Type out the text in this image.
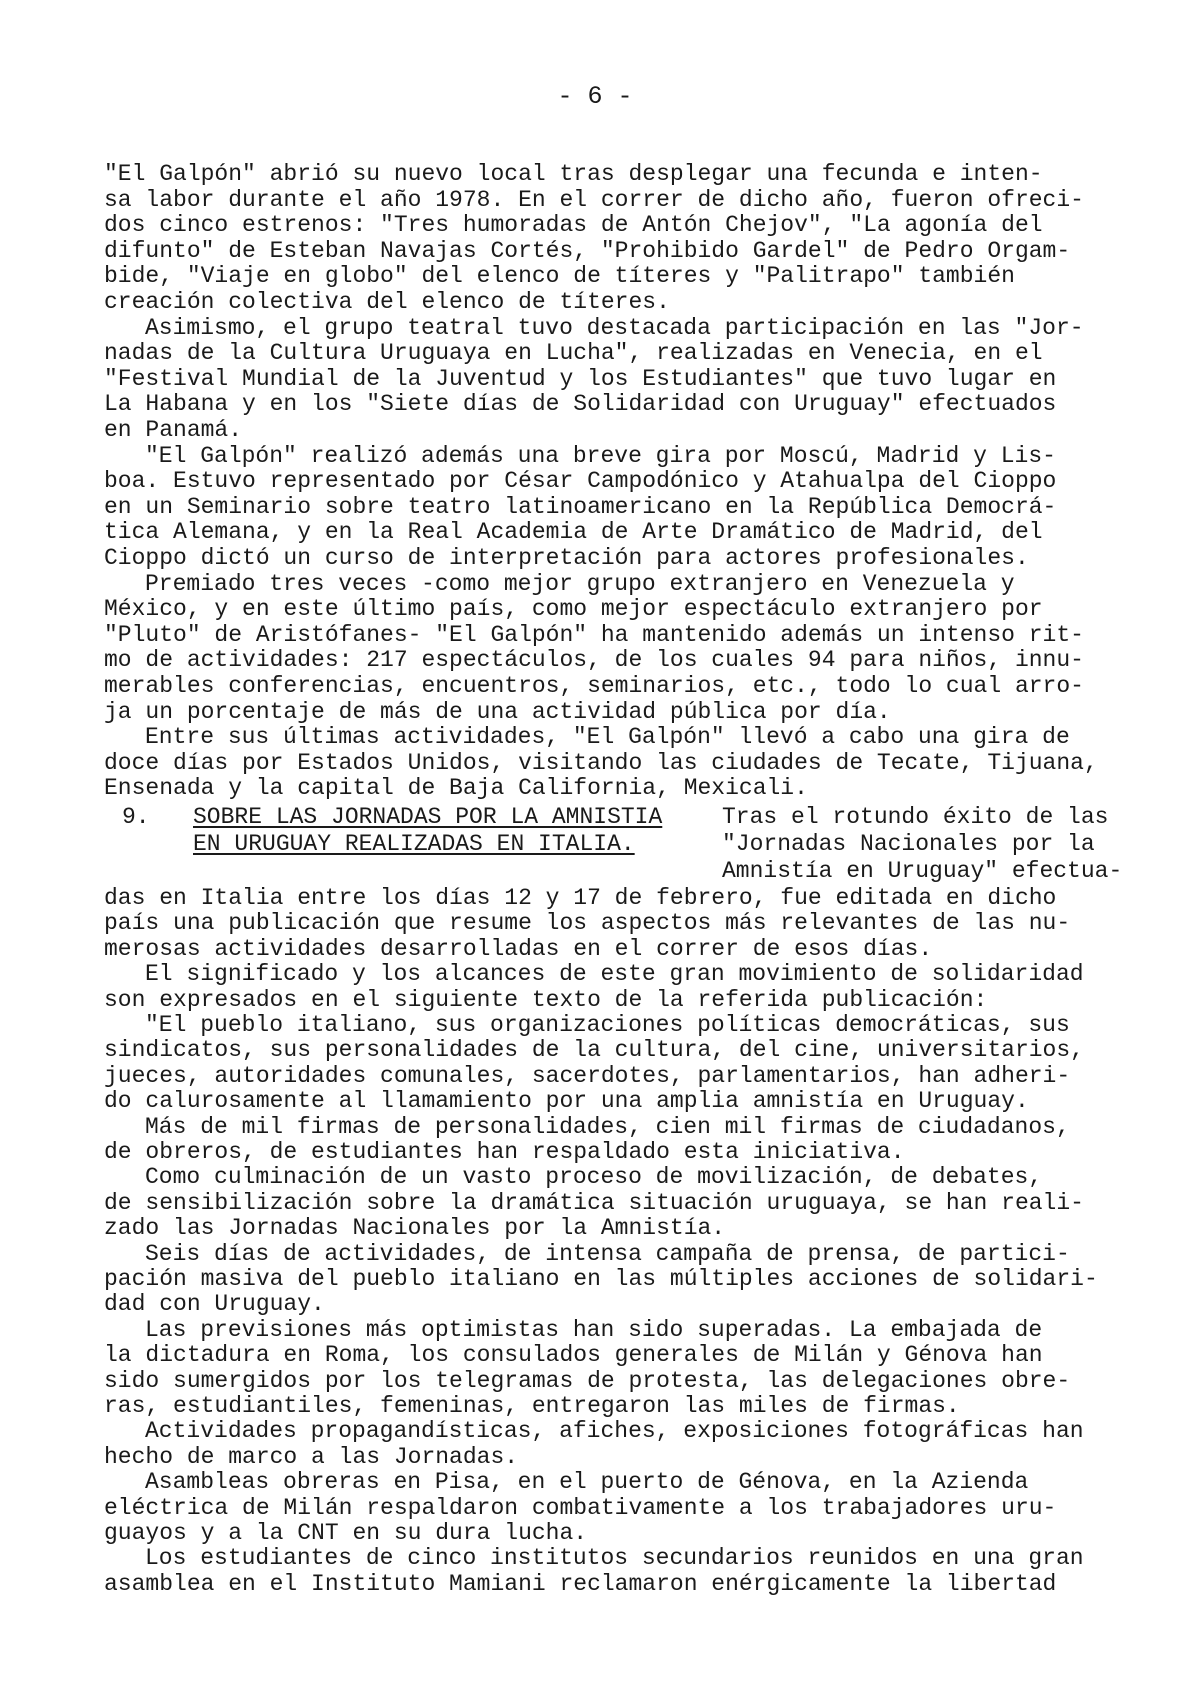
- 6 -
"El Galpón" abrió su nuevo local tras desplegar una fecunda e inten-
sa labor durante el año 1978. En el correr de dicho año, fueron ofreci-
dos cinco estrenos: "Tres humoradas de Antón Chejov", "La agonía del
difunto" de Esteban Navajas Cortés, "Prohibido Gardel" de Pedro Orgam-
bide, "Viaje en globo" del elenco de títeres y "Palitrapo" también
creación colectiva del elenco de títeres.
Asimismo, el grupo teatral tuvo destacada participación en las "Jor-
nadas de la Cultura Uruguaya en Lucha", realizadas en Venecia, en el
"Festival Mundial de la Juventud y los Estudiantes" que tuvo lugar en
La Habana y en los "Siete días de Solidaridad con Uruguay" efectuados
en Panamá.
"El Galpón" realizó además una breve gira por Moscú, Madrid y Lis-
boa. Estuvo representado por César Campodónico y Atahualpa del Cioppo
en un Seminario sobre teatro latinoamericano en la República Democrá-
tica Alemana, y en la Real Academia de Arte Dramático de Madrid, del
Cioppo dictó un curso de interpretación para actores profesionales.
Premiado tres veces -como mejor grupo extranjero en Venezuela y
México, y en este último país, como mejor espectáculo extranjero por
"Pluto" de Aristófanes- "El Galpón" ha mantenido además un intenso rit-
mo de actividades: 217 espectáculos, de los cuales 94 para niños, innu-
merables conferencias, encuentros, seminarios, etc., todo lo cual arro-
ja un porcentaje de más de una actividad pública por día.
Entre sus últimas actividades, "El Galpón" llevó a cabo una gira de
doce días por Estados Unidos, visitando las ciudades de Tecate, Tijuana,
Ensenada y la capital de Baja California, Mexicali.
9. SOBRE LAS JORNADAS POR LA AMNISTIA
EN URUGUAY REALIZADAS EN ITALIA.
Tras el rotundo éxito de las
"Jornadas Nacionales por la
Amnistía en Uruguay" efectua-
das en Italia entre los días 12 y 17 de febrero, fue editada en dicho
país una publicación que resume los aspectos más relevantes de las nu-
merosas actividades desarrolladas en el correr de esos días.
El significado y los alcances de este gran movimiento de solidaridad
son expresados en el siguiente texto de la referida publicación:
"El pueblo italiano, sus organizaciones políticas democráticas, sus
sindicatos, sus personalidades de la cultura, del cine, universitarios,
jueces, autoridades comunales, sacerdotes, parlamentarios, han adheri-
do calurosamente al llamamiento por una amplia amnistía en Uruguay.
Más de mil firmas de personalidades, cien mil firmas de ciudadanos,
de obreros, de estudiantes han respaldado esta iniciativa.
Como culminación de un vasto proceso de movilización, de debates,
de sensibilización sobre la dramática situación uruguaya, se han reali-
zado las Jornadas Nacionales por la Amnistía.
Seis días de actividades, de intensa campaña de prensa, de partici-
pación masiva del pueblo italiano en las múltiples acciones de solidari-
dad con Uruguay.
Las previsiones más optimistas han sido superadas. La embajada de
la dictadura en Roma, los consulados generales de Milán y Génova han
sido sumergidos por los telegramas de protesta, las delegaciones obre-
ras, estudiantiles, femeninas, entregaron las miles de firmas.
Actividades propagandísticas, afiches, exposiciones fotográficas han
hecho de marco a las Jornadas.
Asambleas obreras en Pisa, en el puerto de Génova, en la Azienda
eléctrica de Milán respaldaron combativamente a los trabajadores uru-
guayos y a la CNT en su dura lucha.
Los estudiantes de cinco institutos secundarios reunidos en una gran
asamblea en el Instituto Mamiani reclamaron enérgicamente la libertad
